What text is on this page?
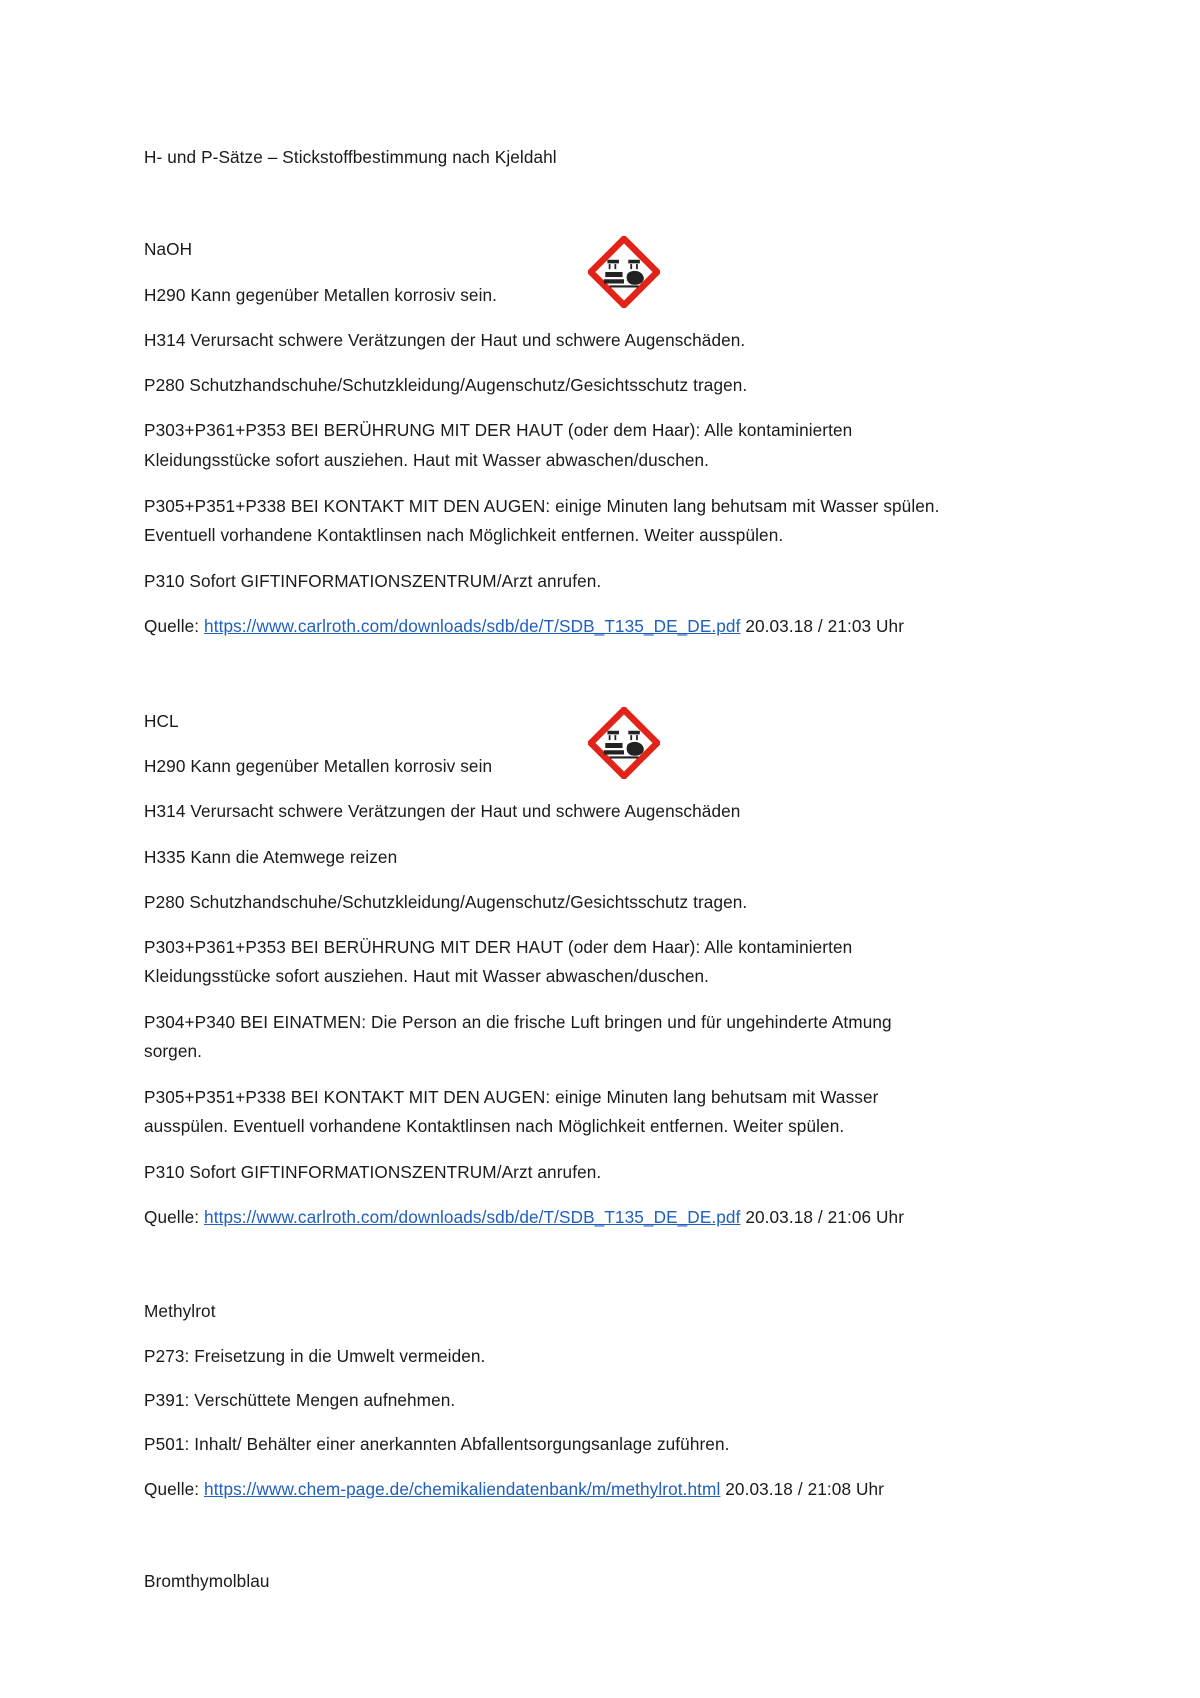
H- und P-Sätze – Stickstoffbestimmung nach Kjeldahl
NaOH
H290 Kann gegenüber Metallen korrosiv sein.
H314 Verursacht schwere Verätzungen der Haut und schwere Augenschäden.
P280 Schutzhandschuhe/Schutzkleidung/Augenschutz/Gesichtsschutz tragen.
P303+P361+P353 BEI BERÜHRUNG MIT DER HAUT (oder dem Haar): Alle kontaminierten
Kleidungsstücke sofort ausziehen. Haut mit Wasser abwaschen/duschen.
P305+P351+P338 BEI KONTAKT MIT DEN AUGEN: einige Minuten lang behutsam mit Wasser spülen.
Eventuell vorhandene Kontaktlinsen nach Möglichkeit entfernen. Weiter ausspülen.
P310 Sofort GIFTINFORMATIONSZENTRUM/Arzt anrufen.
Quelle: https://www.carlroth.com/downloads/sdb/de/T/SDB_T135_DE_DE.pdf 20.03.18 / 21:03 Uhr
HCL
H290 Kann gegenüber Metallen korrosiv sein
H314 Verursacht schwere Verätzungen der Haut und schwere Augenschäden
H335 Kann die Atemwege reizen
P280 Schutzhandschuhe/Schutzkleidung/Augenschutz/Gesichtsschutz tragen.
P303+P361+P353 BEI BERÜHRUNG MIT DER HAUT (oder dem Haar): Alle kontaminierten
Kleidungsstücke sofort ausziehen. Haut mit Wasser abwaschen/duschen.
P304+P340 BEI EINATMEN: Die Person an die frische Luft bringen und für ungehinderte Atmung
sorgen.
P305+P351+P338 BEI KONTAKT MIT DEN AUGEN: einige Minuten lang behutsam mit Wasser
ausspülen. Eventuell vorhandene Kontaktlinsen nach Möglichkeit entfernen. Weiter spülen.
P310 Sofort GIFTINFORMATIONSZENTRUM/Arzt anrufen.
Quelle: https://www.carlroth.com/downloads/sdb/de/T/SDB_T135_DE_DE.pdf 20.03.18 / 21:06 Uhr
Methylrot
P273: Freisetzung in die Umwelt vermeiden.
P391: Verschüttete Mengen aufnehmen.
P501: Inhalt/ Behälter einer anerkannten Abfallentsorgungsanlage zuführen.
Quelle: https://www.chem-page.de/chemikaliendatenbank/m/methylrot.html 20.03.18 / 21:08 Uhr
Bromthymolblau
